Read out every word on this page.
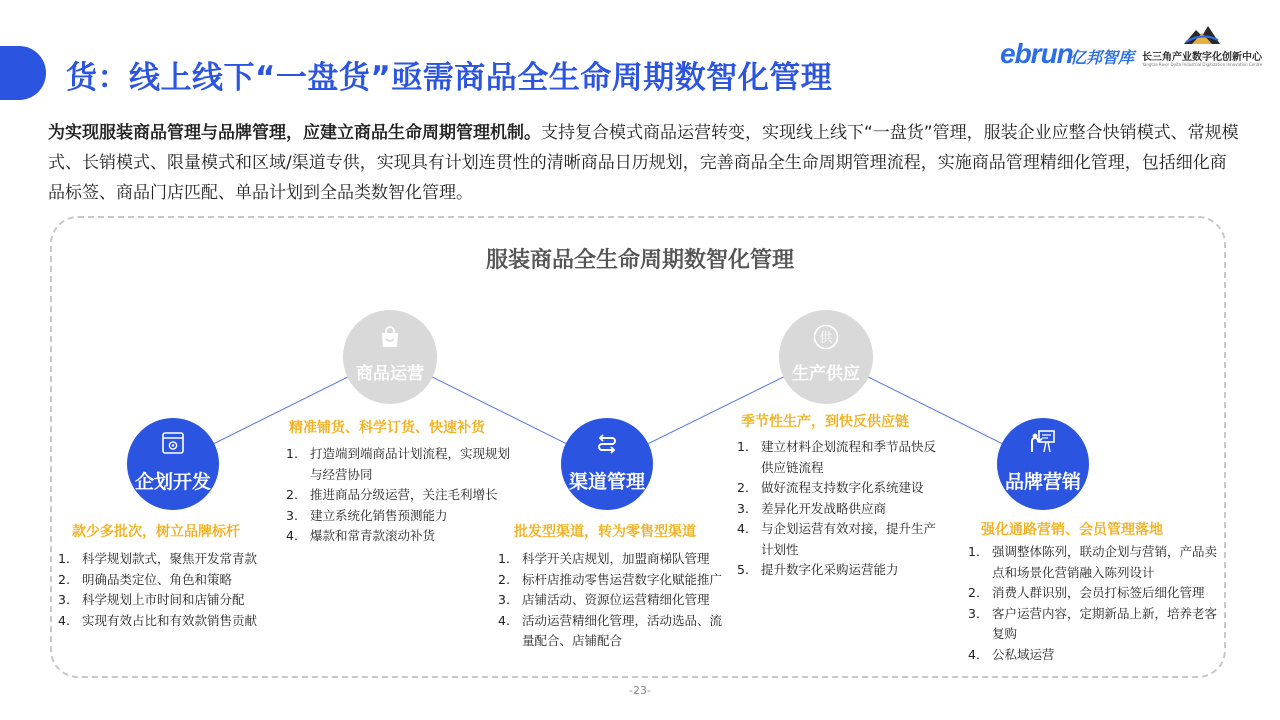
货：线上线下“一盘货”亟需商品全生命周期数智化管理
ebrun
亿邦智库 长三角产业数字化创新中心
Yangtze River Delta Industrial Digitization Innovation Centre
为实现服装商品管理与品牌管理，应建立商品生命周期管理机制。支持复合模式商品运营转变，实现线上线下“一盘货”管理，服装企业应整合快销模式、常规模式、长销模式、限量模式和区域/渠道专供，实现具有计划连贯性的清晰商品日历规划，完善商品全生命周期管理流程，实施商品管理精细化管理，包括细化商品标签、商品门店匹配、单品计划到全品类数智化管理。
服装商品全生命周期数智化管理
企划开发
款少多批次，树立品牌标杆
1. 科学规划款式，聚焦开发常青款
2. 明确品类定位、角色和策略
3. 科学规划上市时间和店铺分配
4. 实现有效占比和有效款销售贡献
商品运营
精准铺货、科学订货、快速补货
1. 打造端到端商品计划流程，实现规划与经营协同
2. 推进商品分级运营，关注毛利增长
3. 建立系统化销售预测能力
4. 爆款和常青款滚动补货
渠道管理
批发型渠道，转为零售型渠道
1. 科学开关店规划，加盟商梯队管理
2. 标杆店推动零售运营数字化赋能推广
3. 店铺活动、资源位运营精细化管理
4. 活动运营精细化管理，活动选品、流量配合、店铺配合
供
生产供应
季节性生产，到快反供应链
1. 建立材料企划流程和季节品快反供应链流程
2. 做好流程支持数字化系统建设
3. 差异化开发战略供应商
4. 与企划运营有效对接，提升生产计划性
5. 提升数字化采购运营能力
品牌营销
强化通路营销、会员管理落地
1. 强调整体陈列，联动企划与营销，产品卖点和场景化营销融入陈列设计
2. 消费人群识别，会员打标签后细化管理
3. 客户运营内容，定期新品上新，培养老客复购
4. 公私域运营
-23-
